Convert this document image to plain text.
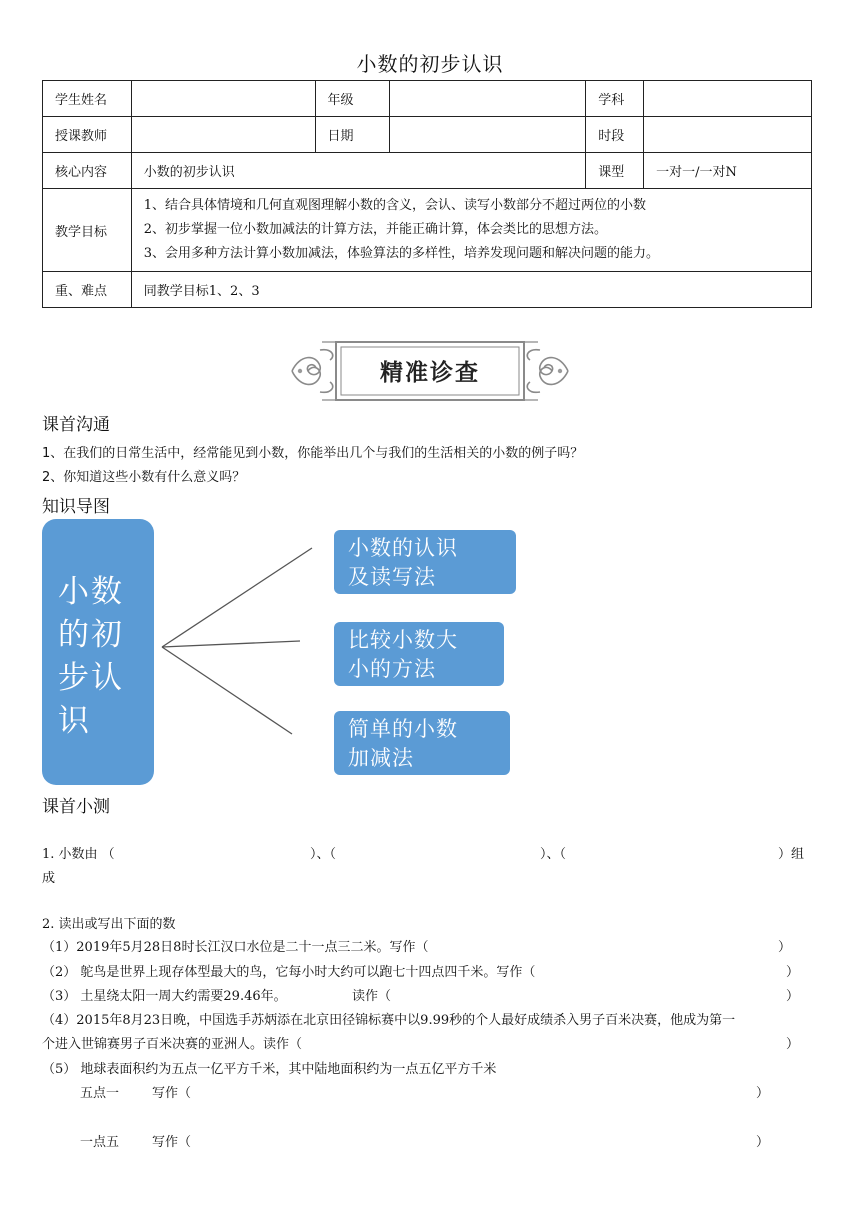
小数的初步认识
学生姓名		年级		学科	
授课教师		日期		时段	
核心内容	小数的初步认识			课型	一对一/一对N
教学目标	1、结合具体情境和几何直观图理解小数的含义，会认、读写小数部分不超过两位的小数
2、初步掌握一位小数加减法的计算方法，并能正确计算，体会类比的思想方法。
3、会用多种方法计算小数加减法，体验算法的多样性，培养发现问题和解决问题的能力。				

重、难点	同教学目标1、2、3				
精准诊查
课首沟通
1、在我们的日常生活中，经常能见到小数，你能举出几个与我们的生活相关的小数的例子吗？
2、你知道这些小数有什么意义吗？
知识导图
小数
的初
步认
识
小数的认识
及读写法
比较小数大
小的方法
简单的小数
加减法
课首小测
1. 小数由 （	）、（	）、（	）组
成
2. 读出或写出下面的数
（1）2019年5月28日8时长江汉口水位是二十一点三二米。写作（	）
（2） 鸵鸟是世界上现存体型最大的鸟，它每小时大约可以跑七十四点四千米。写作（	）
（3） 土星绕太阳一周大约需要29.46年。	读作（	）
（4）2015年8月23日晚，中国选手苏炳添在北京田径锦标赛中以9.99秒的个人最好成绩杀入男子百米决赛，他成为第一
个进入世锦赛男子百米决赛的亚洲人。读作（	）
（5） 地球表面积约为五点一亿平方千米，其中陆地面积约为一点五亿平方千米
五点一	写作（	）
一点五	写作（	）
